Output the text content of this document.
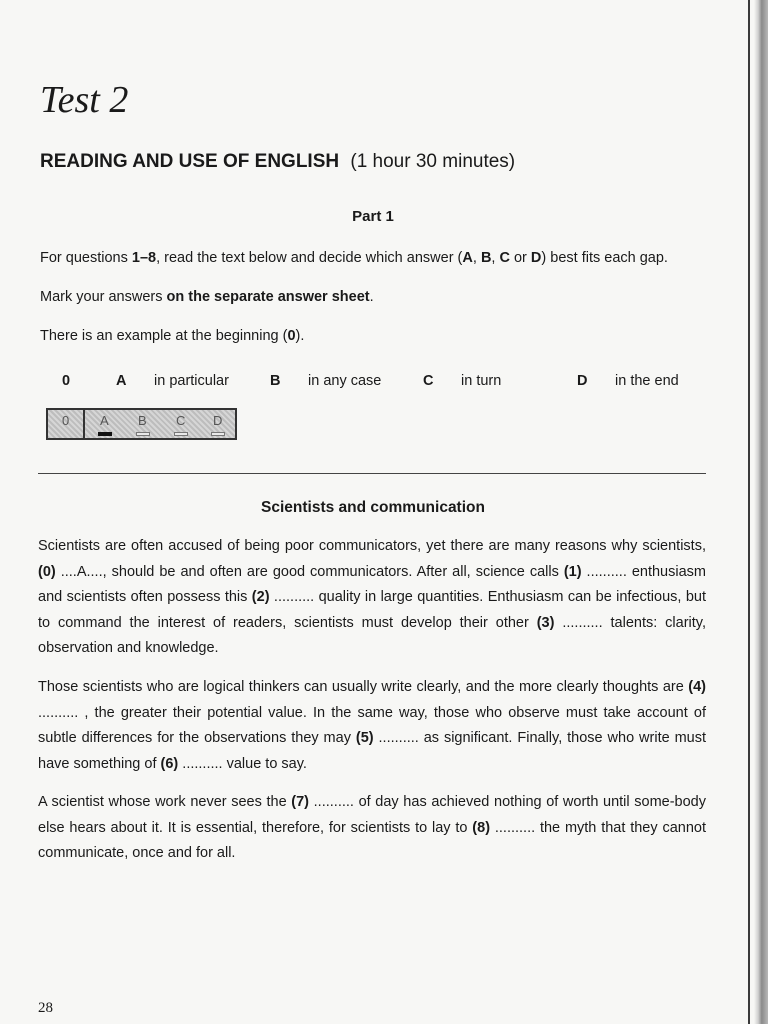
Test 2
READING AND USE OF ENGLISH (1 hour 30 minutes)
Part 1
For questions 1–8, read the text below and decide which answer (A, B, C or D) best fits each gap.
Mark your answers on the separate answer sheet.
There is an example at the beginning (0).
0	A in particular	B in any case	C in turn	D in the end
0 A B C D
Scientists and communication
Scientists are often accused of being poor communicators, yet there are many reasons why scientists, (0) ....A...., should be and often are good communicators. After all, science calls (1) .......... enthusiasm and scientists often possess this (2) .......... quality in large quantities. Enthusiasm can be infectious, but to command the interest of readers, scientists must develop their other (3) .......... talents: clarity, observation and knowledge.
Those scientists who are logical thinkers can usually write clearly, and the more clearly thoughts are (4) .......... , the greater their potential value. In the same way, those who observe must take account of subtle differences for the observations they may (5) .......... as significant. Finally, those who write must have something of (6) .......... value to say.
A scientist whose work never sees the (7) .......... of day has achieved nothing of worth until some-body else hears about it. It is essential, therefore, for scientists to lay to (8) .......... the myth that they cannot communicate, once and for all.
28
